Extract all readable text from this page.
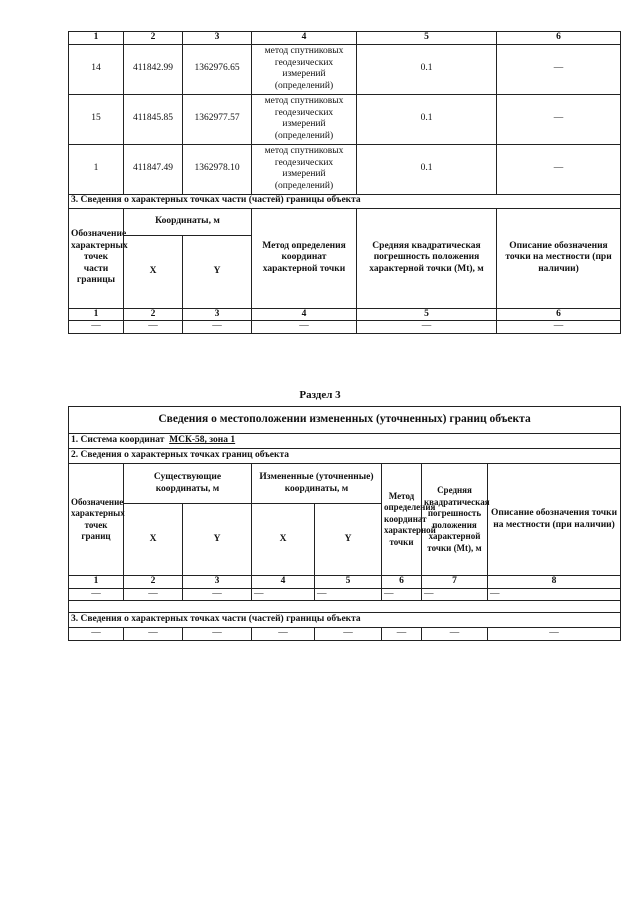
1	2	3	4	5	6
14	411842.99	1362976.65	метод спутниковых геодезических измерений (определений)	0.1	—
15	411845.85	1362977.57	метод спутниковых геодезических измерений (определений)	0.1	—
1	411847.49	1362978.10	метод спутниковых геодезических измерений (определений)	0.1	—
3. Сведения о характерных точках части (частей) границы объекта					
Обозначение характерных точек части границы	Координаты, м		Метод определения координат характерной точки	Средняя квадратическая погрешность положения характерной точки (Mt), м	Описание обозначения точки на местности (при наличии)
	X	Y			
1	2	3	4	5	6
—	—	—	—	—	—
Раздел 3
Сведения о местоположении измененных (уточненных) границ объекта							
1. Система координат МСК-58, зона 1							
2. Сведения о характерных точках границ объекта							
Обозначение характерных точек границ	Существующие координаты, м		Измененные (уточненные) координаты, м		Метод определения координат характерной точки	Средняя квадратическая погрешность положения характерной точки (Mt), м	Описание обозначения точки на местности (при наличии)
	X	Y	X	Y			
1	2	3	4	5	6	7	8
—	—	—	—	—	—	—	—

3. Сведения о характерных точках части (частей) границы объекта							
—	—	—	—	—	—	—	—
